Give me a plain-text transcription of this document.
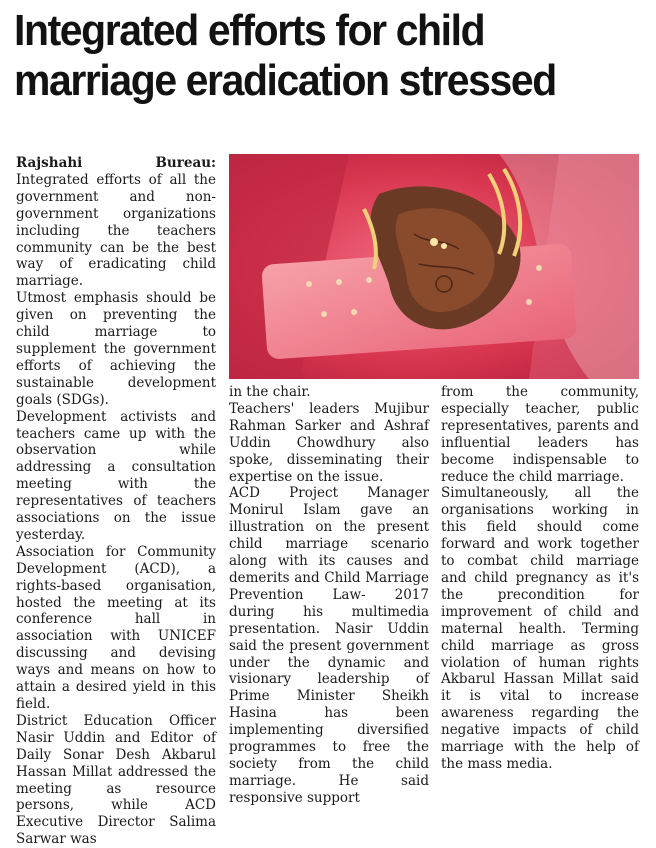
Integrated efforts for child
marriage eradication stressed

Rajshahi Bureau: Integrated efforts of all the government and non-government organizations including the teachers community can be the best way of eradicating child marriage.

Utmost emphasis should be given on preventing the child marriage to supplement the government efforts of achieving the sustainable development goals (SDGs).

Development activists and teachers came up with the observation while addressing a consultation meeting with the representatives of teachers associations on the issue yesterday.

Association for Community Development (ACD), a rights-based organisation, hosted the meeting at its conference hall in association with UNICEF discussing and devising ways and means on how to attain a desired yield in this field.

District Education Officer Nasir Uddin and Editor of Daily Sonar Desh Akbarul Hassan Millat addressed the meeting as resource persons, while ACD Executive Director Salima Sarwar was

in the chair.

Teachers' leaders Mujibur Rahman Sarker and Ashraf Uddin Chowdhury also spoke, disseminating their expertise on the issue.

ACD Project Manager Monirul Islam gave an illustration on the present child marriage scenario along with its causes and demerits and Child Marriage Prevention Law- 2017 during his multimedia presentation. Nasir Uddin said the present government under the dynamic and visionary leadership of Prime Minister Sheikh Hasina has been implementing diversified programmes to free the society from the child marriage. He said responsive support

from the community, especially teacher, public representatives, parents and influential leaders has become indispensable to reduce the child marriage.

Simultaneously, all the organisations working in this field should come forward and work together to combat child marriage and child pregnancy as it's the precondition for improvement of child and maternal health. Terming child marriage as gross violation of human rights Akbarul Hassan Millat said it is vital to increase awareness regarding the negative impacts of child marriage with the help of the mass media.
